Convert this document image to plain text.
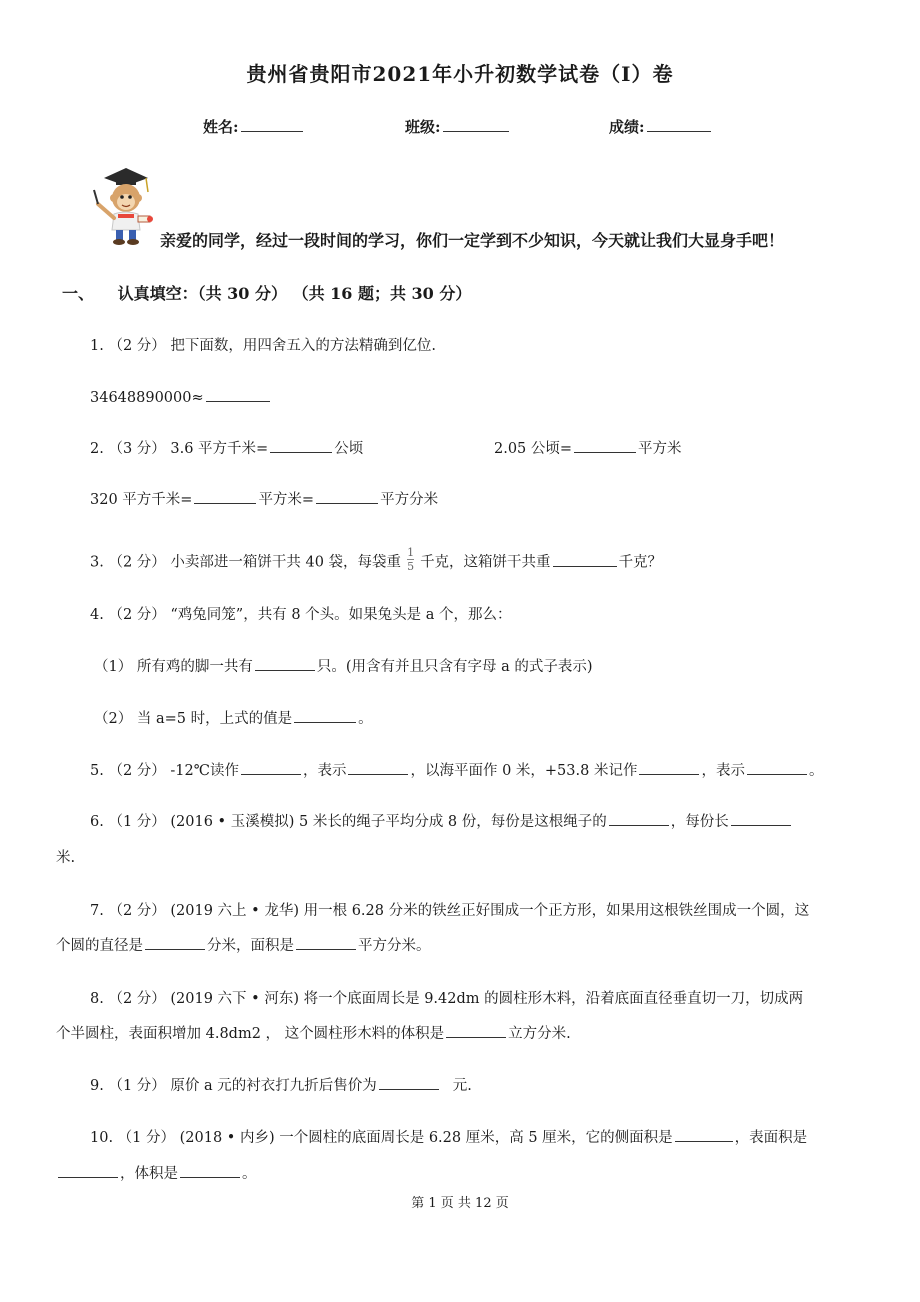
贵州省贵阳市2021年小升初数学试卷（I）卷
姓名:	班级:	成绩:
亲爱的同学，经过一段时间的学习，你们一定学到不少知识，今天就让我们大显身手吧！
一、 认真填空：（共 30 分） （共 16 题；共 30 分）
1. （2 分） 把下面数，用四舍五入的方法精确到亿位.
34648890000≈
2. （3 分） 3.6 平方千米=	公顷	2.05 公顷=	平方米
320 平方千米=	平方米=	平方分米
3. （2 分） 小卖部进一箱饼干共 40 袋，每袋重 $\frac{1}{5}$ 千克，这箱饼干共重	千克？
4. （2 分） “鸡兔同笼”，共有 8 个头。如果兔头是 a 个，那么：
（1） 所有鸡的脚一共有	只。(用含有并且只含有字母 a 的式子表示)
（2） 当 a=5 时，上式的值是	。
5. （2 分） -12℃读作	，表示	，以海平面作 0 米，+53.8 米记作	，表示	。
6. （1 分） (2016 • 玉溪模拟) 5 米长的绳子平均分成 8 份，每份是这根绳子的	，每份长
米.
7. （2 分） (2019 六上 • 龙华) 用一根 6.28 分米的铁丝正好围成一个正方形，如果用这根铁丝围成一个圆，这
个圆的直径是	分米，面积是	平方分米。
8. （2 分） (2019 六下 • 河东) 将一个底面周长是 9.42dm 的圆柱形木料，沿着底面直径垂直切一刀，切成两
个半圆柱，表面积增加 4.8dm2 ， 这个圆柱形木料的体积是	立方分米.
9. （1 分） 原价 a 元的衬衣打九折后售价为	元.
10. （1 分） (2018 • 内乡) 一个圆柱的底面周长是 6.28 厘米，高 5 厘米，它的侧面积是	，表面积是
，体积是	。
第 1 页 共 12 页
